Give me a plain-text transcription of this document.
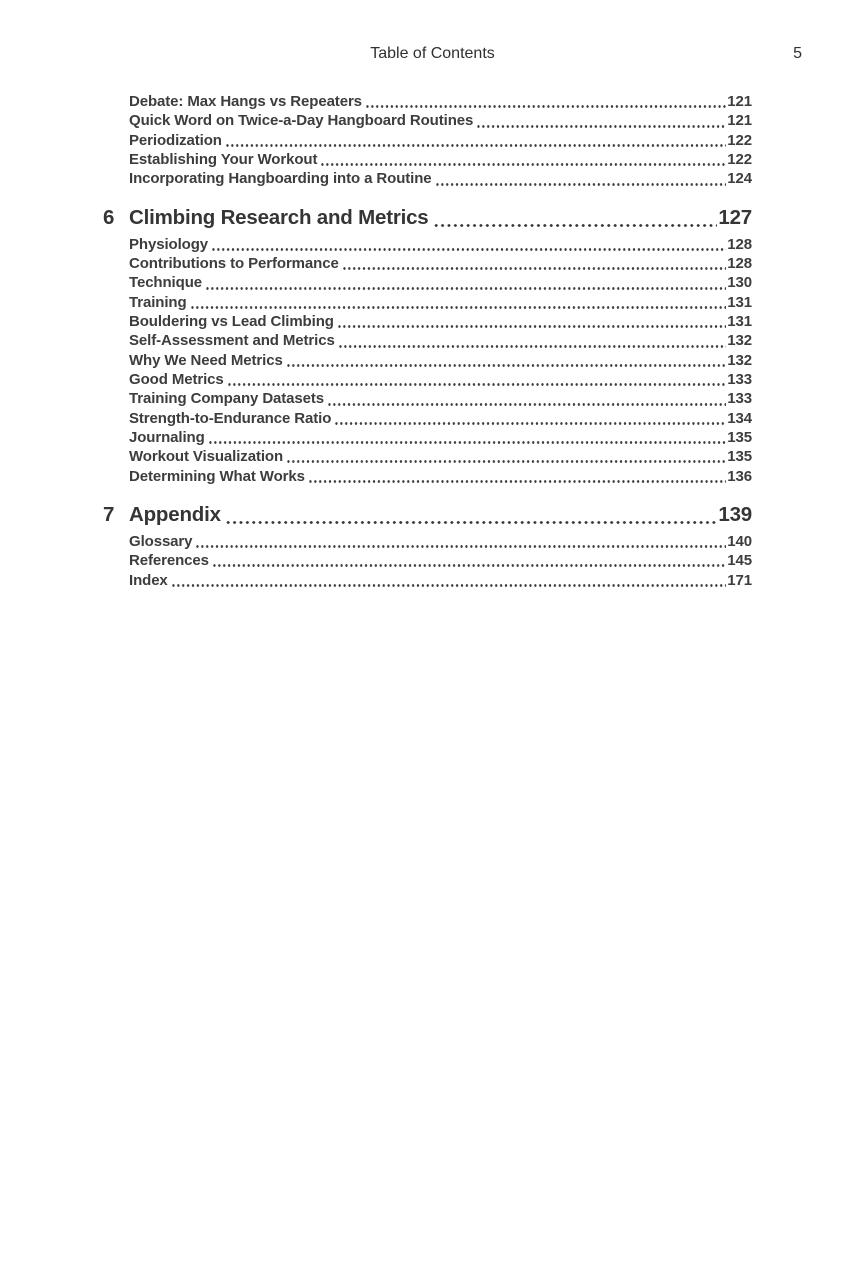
Table of Contents	5
Debate: Max Hangs vs Repeaters	121
Quick Word on Twice-a-Day Hangboard Routines	121
Periodization	122
Establishing Your Workout	122
Incorporating Hangboarding into a Routine	124
6 Climbing Research and Metrics	127
Physiology	128
Contributions to Performance	128
Technique	130
Training	131
Bouldering vs Lead Climbing	131
Self-Assessment and Metrics	132
Why We Need Metrics	132
Good Metrics	133
Training Company Datasets	133
Strength-to-Endurance Ratio	134
Journaling	135
Workout Visualization	135
Determining What Works	136
7 Appendix	139
Glossary	140
References	145
Index	171
